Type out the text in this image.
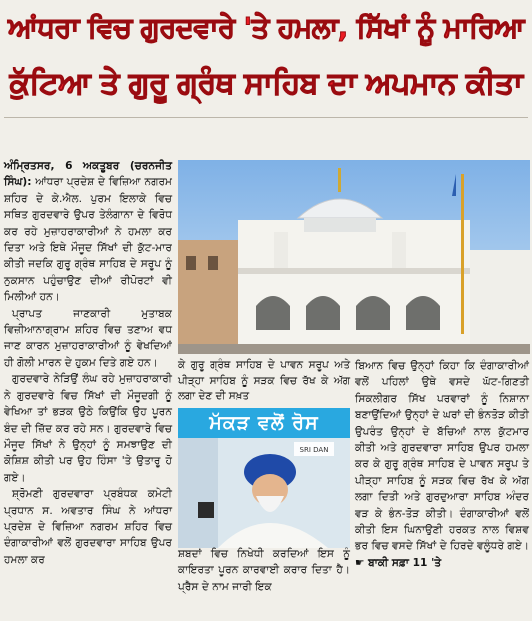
ਆਂਧਰਾ ਵਿਚ ਗੁਰਦਵਾਰੇ 'ਤੇ ਹਮਲਾ, ਸਿੱਖਾਂ ਨੂੰ ਮਾਰਿਆ
ਕੁੱਟਿਆ ਤੇ ਗੁਰੂ ਗ੍ਰੰਥ ਸਾਹਿਬ ਦਾ ਅਪਮਾਨ ਕੀਤਾ

ਅੰਮ੍ਰਿਤਸਰ, 6 ਅਕਤੂਬਰ (ਚਰਨਜੀਤ ਸਿੰਘ): ਆਂਧਰਾ ਪ੍ਰਦੇਸ਼ ਦੇ ਵਿਜ਼ਿਆ ਨਗਰਮ ਸ਼ਹਿਰ ਦੇ ਕੇ.ਐਲ. ਪੁਰਮ ਇਲਾਕੇ ਵਿਚ ਸਥਿਤ ਗੁਰਦਵਾਰੇ ਉਪਰ ਤੇਲੰਗਾਨਾ ਦੇ ਵਿਰੋਧ ਕਰ ਰਹੇ ਮੁਜ਼ਾਹਰਾਕਾਰੀਆਂ ਨੇ ਹਮਲਾ ਕਰ ਦਿਤਾ ਅਤੇ ਇਥੇ ਮੌਜੂਦ ਸਿੱਖਾਂ ਦੀ ਕੁੱਟ-ਮਾਰ ਕੀਤੀ ਜਦਕਿ ਗੁਰੂ ਗ੍ਰੰਥ ਸਾਹਿਬ ਦੇ ਸਰੂਪ ਨੂੰ ਨੁਕਸਾਨ ਪਹੁੰਚਾਉਣ ਦੀਆਂ ਰੀਪੋਰਟਾਂ ਵੀ ਮਿਲੀਆਂ ਹਨ।

ਪ੍ਰਾਪਤ ਜਾਣਕਾਰੀ ਮੁਤਾਬਕ ਵਿਜ਼ੀਆਨਾਗ੍ਰਾਮ ਸ਼ਹਿਰ ਵਿਚ ਤਣਾਅ ਵਧ ਜਾਣ ਕਾਰਨ ਮੁਜ਼ਾਹਰਾਕਾਰੀਆਂ ਨੂੰ ਵੇਖਦਿਆਂ ਹੀ ਗੋਲੀ ਮਾਰਨ ਦੇ ਹੁਕਮ ਦਿਤੇ ਗਏ ਹਨ।

ਗੁਰਦਵਾਰੇ ਨੇੜਿਉਂ ਲੰਘ ਰਹੇ ਮੁਜ਼ਾਹਰਾਕਾਰੀ ਨੇ ਗੁਰਦਵਾਰੇ ਵਿਚ ਸਿੱਖਾਂ ਦੀ ਮੌਜੂਦਗੀ ਨੂੰ ਵੇਖਿਆ ਤਾਂ ਭੜਕ ਉਠੇ ਕਿਉਂਕਿ ਉਹ ਪੂਰਨ ਬੰਦ ਦੀ ਜ਼ਿੱਦ ਕਰ ਰਹੇ ਸਨ। ਗੁਰਦਵਾਰੇ ਵਿਚ ਮੌਜੂਦ ਸਿੱਖਾਂ ਨੇ ਉਨ੍ਹਾਂ ਨੂੰ ਸਮਝਾਉਣ ਦੀ ਕੋਸ਼ਿਸ਼ ਕੀਤੀ ਪਰ ਉਹ ਹਿੰਸਾ 'ਤੇ ਉਤਾਰੂ ਹੋ ਗਏ।

ਸ਼੍ਰੋਮਣੀ ਗੁਰਦਵਾਰਾ ਪ੍ਰਬੰਧਕ ਕਮੇਟੀ ਪ੍ਰਧਾਨ ਸ. ਅਵਤਾਰ ਸਿੰਘ ਨੇ ਆਂਧਰਾ ਪ੍ਰਦੇਸ਼ ਦੇ ਵਿਜ਼ਿਆ ਨਗਰਮ ਸ਼ਹਿਰ ਵਿਚ ਦੰਗਾਕਾਰੀਆਂ ਵਲੋਂ ਗੁਰਦਵਾਰਾ ਸਾਹਿਬ ਉਪਰ ਹਮਲਾ ਕਰ

ਕੇ ਗੁਰੂ ਗ੍ਰੰਥ ਸਾਹਿਬ ਦੇ ਪਾਵਨ ਸਰੂਪ ਅਤੇ ਪੀੜ੍ਹਾ ਸਾਹਿਬ ਨੂੰ ਸੜਕ ਵਿਚ ਰੱਖ ਕੇ ਅੱਗ ਲਗਾ ਦੇਣ ਦੀ ਸਖ਼ਤ

ਮੱਕੜ ਵਲੋਂ ਰੋਸ
SRI DAN

ਸ਼ਬਦਾਂ ਵਿਚ ਨਿਖੇਧੀ ਕਰਦਿਆਂ ਇਸ ਨੂੰ ਕਾਇਰਤਾ ਪੂਰਨ ਕਾਰਵਾਈ ਕਰਾਰ ਦਿਤਾ ਹੈ। ਪ੍ਰੈਸ ਦੇ ਨਾਮ ਜਾਰੀ ਇਕ

ਬਿਆਨ ਵਿਚ ਉਨ੍ਹਾਂ ਕਿਹਾ ਕਿ ਦੰਗਾਕਾਰੀਆਂ ਵਲੋਂ ਪਹਿਲਾਂ ਉਥੇ ਵਸਦੇ ਘੱਟ-ਗਿਣਤੀ ਸਿਕਲੀਗਰ ਸਿੱਖ ਪਰਵਾਰਾਂ ਨੂੰ ਨਿਸ਼ਾਨਾ ਬਣਾਉਂਦਿਆਂ ਉਨ੍ਹਾਂ ਦੇ ਘਰਾਂ ਦੀ ਭੰਨਤੋੜ ਕੀਤੀ ਉਪਰੰਤ ਉਨ੍ਹਾਂ ਦੇ ਬੱਚਿਆਂ ਨਾਲ ਕੁੱਟਮਾਰ ਕੀਤੀ ਅਤੇ ਗੁਰਦਵਾਰਾ ਸਾਹਿਬ ਉਪਰ ਹਮਲਾ ਕਰ ਕੇ ਗੁਰੂ ਗ੍ਰੰਥ ਸਾਹਿਬ ਦੇ ਪਾਵਨ ਸਰੂਪ ਤੇ ਪੀੜ੍ਹਾ ਸਾਹਿਬ ਨੂੰ ਸੜਕ ਵਿਚ ਰੱਖ ਕੇ ਅੱਗ ਲਗਾ ਦਿਤੀ ਅਤੇ ਗੁਰਦੁਆਰਾ ਸਾਹਿਬ ਅੰਦਰ ਵੜ ਕੇ ਭੰਨ-ਤੋੜ ਕੀਤੀ। ਦੰਗਾਕਾਰੀਆਂ ਵਲੋਂ ਕੀਤੀ ਇਸ ਘਿਨਾਉਣੀ ਹਰਕਤ ਨਾਲ ਵਿਸ਼ਵ ਭਰ ਵਿਚ ਵਸਦੇ ਸਿੱਖਾਂ ਦੇ ਹਿਰਦੇ ਵਲੂੰਧਰੇ ਗਏ। ☛ ਬਾਕੀ ਸਫ਼ਾ 11 'ਤੇ
